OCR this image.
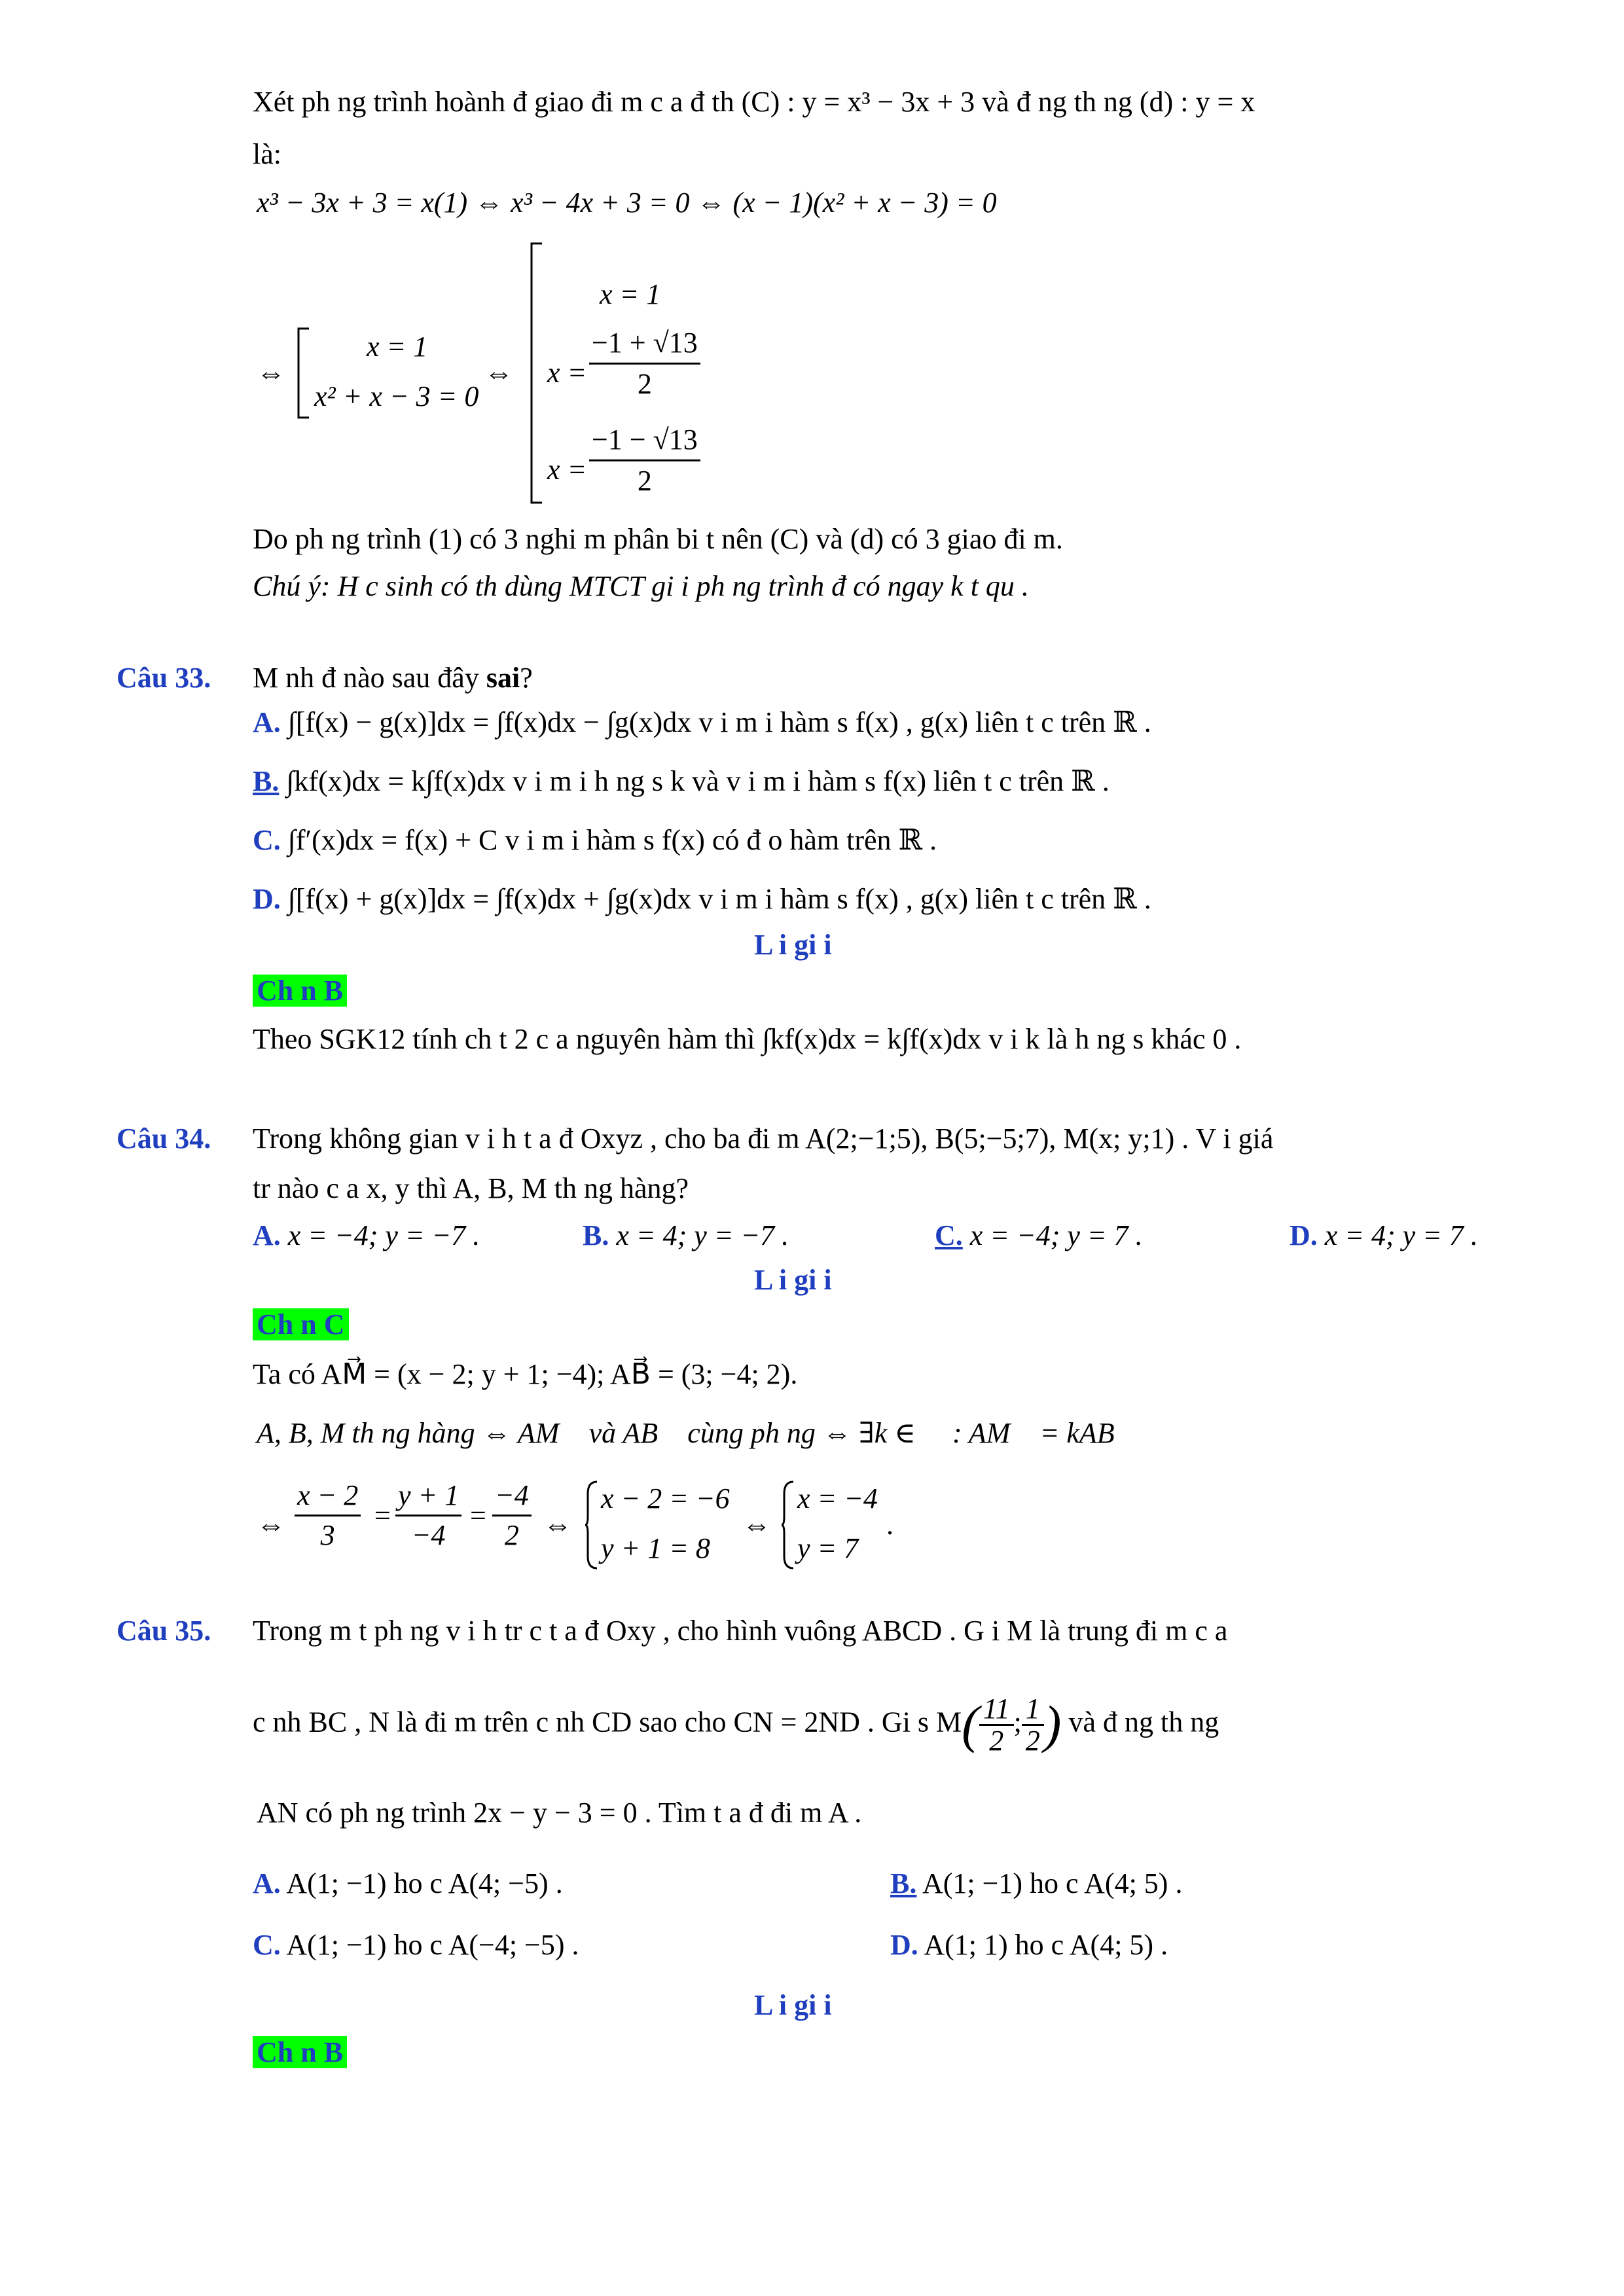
Xét ph ng trình hoành đ giao đi m c a đ th (C) : y = x³ − 3x + 3 và đ ng th ng (d) : y = x
là:
x³ − 3x + 3 = x(1) ⇔ x³ − 4x + 3 = 0 ⇔ (x − 1)(x² + x − 3) = 0
⇔
x = 1
x² + x − 3 = 0
⇔
x = 1
$x = \frac{-1 + √13}{2}$
$x = \frac{-1 - √13}{2}$
Do ph ng trình (1) có 3 nghi m phân bi t nên (C) và (d) có 3 giao đi m.
Chú ý: H c sinh có th dùng MTCT gi i ph ng trình đ có ngay k t qu .
Câu 33. M nh đ nào sau đây sai?
A. ∫[f(x) − g(x)]dx = ∫f(x)dx − ∫g(x)dx v i m i hàm s f(x) , g(x) liên t c trên ℝ .
B. ∫kf(x)dx = k∫f(x)dx v i m i h ng s k và v i m i hàm s f(x) liên t c trên ℝ .
C. ∫f′(x)dx = f(x) + C v i m i hàm s f(x) có đ o hàm trên ℝ .
D. ∫[f(x) + g(x)]dx = ∫f(x)dx + ∫g(x)dx v i m i hàm s f(x) , g(x) liên t c trên ℝ .
L i gi i
Ch n B
Theo SGK12 tính ch t 2 c a nguyên hàm thì ∫kf(x)dx = k∫f(x)dx v i k là h ng s khác 0 .
Câu 34. Trong không gian v i h t a đ Oxyz , cho ba đi m A(2;−1;5), B(5;−5;7), M(x; y;1) . V i giá
tr nào c a x, y thì A, B, M th ng hàng?
A. x = −4; y = −7 .	B. x = 4; y = −7 .	C. x = −4; y = 7 .	D. x = 4; y = 7 .
L i gi i
Ch n C
Ta có AM⃗ = (x − 2; y + 1; −4); AB⃗ = (3; −4; 2).
A, B, M th ng hàng ⇔ AM⃗ và AB⃗ cùng ph ng ⇔ ∃k ∈ ℝ : AM⃗ = kAB⃗
⇔ $\frac{x - 2}{3} = \frac{y + 1}{-4} = \frac{-4}{2}$ ⇔
x − 2 = −6
y + 1 = 8
⇔
x = −4
y = 7
.
Câu 35. Trong m t ph ng v i h tr c t a đ Oxy , cho hình vuông ABCD . G i M là trung đi m c a
c nh BC , N là đi m trên c nh CD sao cho CN = 2ND . Gi s $M( \frac{11}{2}$ ; $\frac{1}{2}$ ) và đ ng th ng
AN có ph ng trình 2x − y − 3 = 0 . Tìm t a đ đi m A .
A. A(1; −1) ho c A(4; −5) .	B. A(1; −1) ho c A(4; 5) .
C. A(1; −1) ho c A(−4; −5) .	D. A(1; 1) ho c A(4; 5) .
L i gi i
Ch n B
